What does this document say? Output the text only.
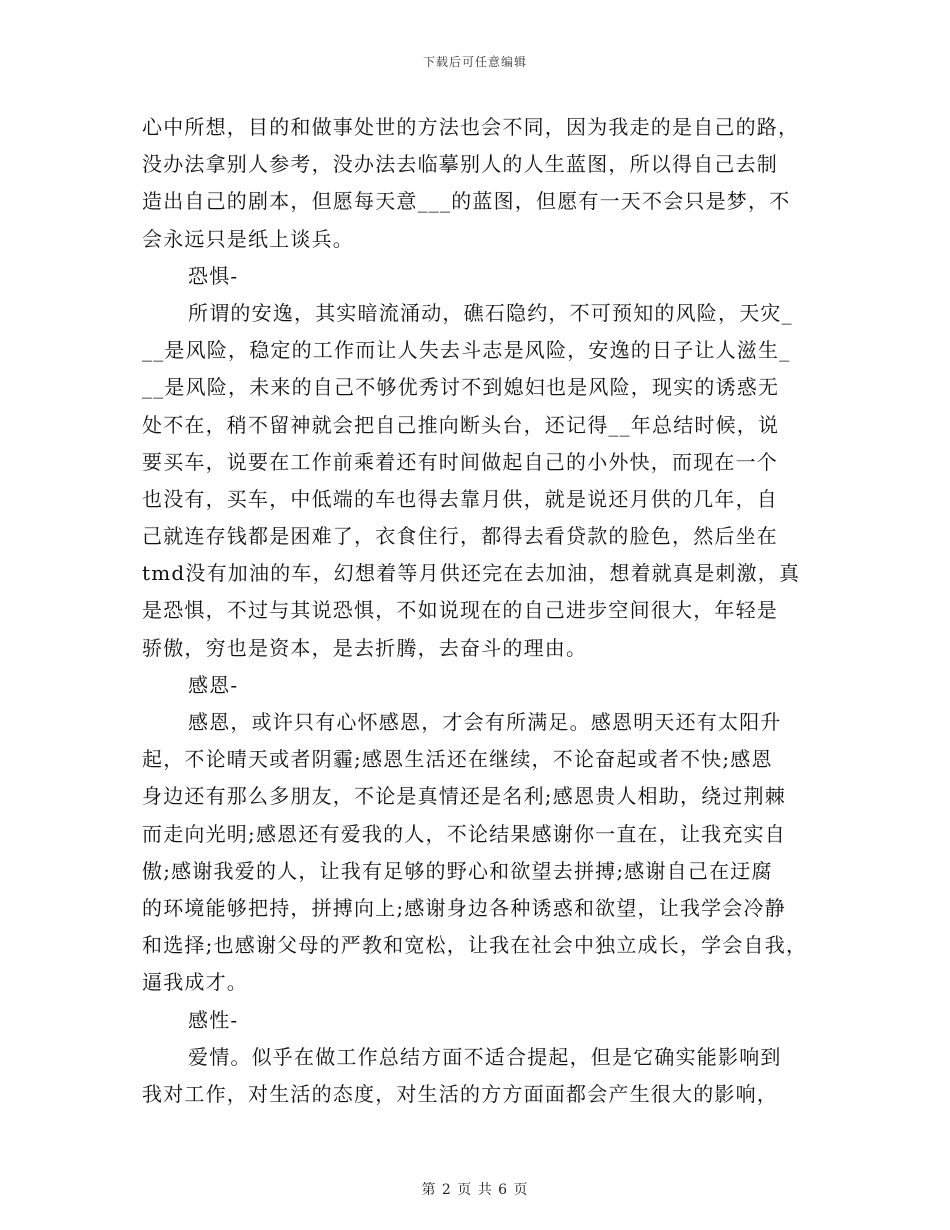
下载后可任意编辑
心中所想，目的和做事处世的方法也会不同，因为我走的是自己的路，
没办法拿别人参考，没办法去临摹别人的人生蓝图，所以得自己去制
造出自己的剧本，但愿每天意___的蓝图，但愿有一天不会只是梦，不
会永远只是纸上谈兵。
恐惧-
所谓的安逸，其实暗流涌动，礁石隐约，不可预知的风险，天灾_
__是风险，稳定的工作而让人失去斗志是风险，安逸的日子让人滋生_
__是风险，未来的自己不够优秀讨不到媳妇也是风险，现实的诱惑无
处不在，稍不留神就会把自己推向断头台，还记得__年总结时候，说
要买车，说要在工作前乘着还有时间做起自己的小外快，而现在一个
也没有，买车，中低端的车也得去靠月供，就是说还月供的几年，自
己就连存钱都是困难了，衣食住行，都得去看贷款的脸色，然后坐在
tmd没有加油的车，幻想着等月供还完在去加油，想着就真是刺激，真
是恐惧，不过与其说恐惧，不如说现在的自己进步空间很大，年轻是
骄傲，穷也是资本，是去折腾，去奋斗的理由。
感恩-
感恩，或许只有心怀感恩，才会有所满足。感恩明天还有太阳升
起，不论晴天或者阴霾;感恩生活还在继续，不论奋起或者不快;感恩
身边还有那么多朋友，不论是真情还是名利;感恩贵人相助，绕过荆棘
而走向光明;感恩还有爱我的人，不论结果感谢你一直在，让我充实自
傲;感谢我爱的人，让我有足够的野心和欲望去拼搏;感谢自己在迂腐
的环境能够把持，拼搏向上;感谢身边各种诱惑和欲望，让我学会冷静
和选择;也感谢父母的严教和宽松，让我在社会中独立成长，学会自我，
逼我成才。
感性-
爱情。似乎在做工作总结方面不适合提起，但是它确实能影响到
我对工作，对生活的态度，对生活的方方面面都会产生很大的影响，
第 2 页 共 6 页
